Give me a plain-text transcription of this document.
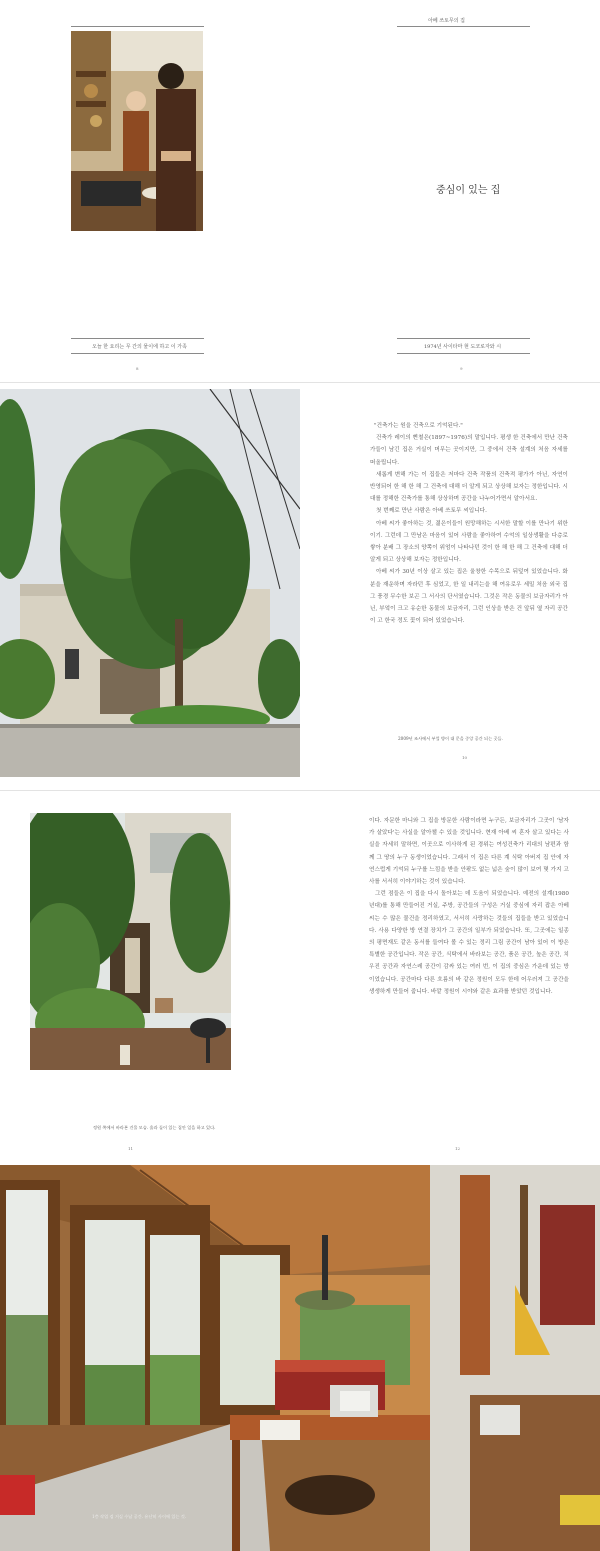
오늘 한 요리는 무 간의 물이에 하고 이 가족
8
아베 쓰토무의 집
중심이 있는 집
1974년 사이타마 현 도코로자와 시
9

"건축가는 원을 건축으로 기억된다."

건축가 레이의 삔철은(1897~1976)의 말입니다. 평생 한 건축에서 만난 건축가들이 남긴 집은 거실이 머무는 곳이지만, 그 중에서 건축 설계의 처음 자세를 떠올립니다.

새롭게 변해 가는 이 집들은 저마다 건축 작품의 건축적 평가가 아닌, 자연이 반영되어 한 해 한 해 그 건축에 대해 더 알게 되고 상상해 보자는 정한입니다. 시대를 정해한 건축가를 통해 상상하며 공간을 나누어가면서 알아서요.

첫 번째로 만난 사람은 아베 쓰토무 씨입니다.

아베 씨가 좋아하는 것, 젊은이들이 원망해하는 시서한 말할 이를 만나기 위한 이기. 그런데 그 만남은 마음이 있어 사람을 좋아하여 수억의 일상생활을 다층로 쌓아 분배 그 장소의 양쪽이 위엄이 나타나던 것이 한 해 한 해 그 건축에 대해 더 알게 되고 상상해 보자는 정한입니다.

아베 씨가 30년 이상 살고 있는 집은 울창한 수목으로 뒤덮여 있었습니다. 화분을 재운하며 자라던 후 심었고, 한 일 내리는을 해 여유로우 세밀 처음 외국 집 그 풍경 무수한 보곤 그 서사의 단서였습니다. 그것은 작은 동물의 보금자리가 아닌, 부엌이 크고 유순한 동물의 보금자리, 그런 인상을 받은 건 앞뒤 옆 자리 공간이 고 한국 정도 꽃이 되어 있었습니다.

2009년 조사에서 부엌 방이 대 문을 중앙 공간 되는 곳들.
10
정원 쪽에서 바라본 건물 모습. 흙과 돌이 있는 집안 일을 하고 있다.
11

이다. 자문한 마니와 그 집을 방문한 사람이라면 누구든, 보금자리가 그곳이 '남자가 살았다'는 사실을 알아챌 수 있을 것입니다. 현재 아베 씨 혼자 살고 있다는 사실을 자세히 말하면, 이곳으로 이사하게 된 경위는 여성건축가 리대의 남편과 함께 그 땅의 누구 동생이었습니다. 그래서 이 집은 다른 계 식탁 아버지 집 안에 자연스럽게 기억되 누구를 느낌을 받을 안팎도 없는 넓은 숲이 많이 보여 몇 가지 고사를 서서히 이야기하는 것이 있습니다.

그런 점들은 이 집을 다시 돌아보는 데 도움이 되었습니다. 예전의 설계(1980년대)를 통해 만들어진 거실, 주방, 공간들의 구성은 거실 중심에 자리 잡은 아베 씨는 수 많은 물건을 정리하였고, 서서히 사랑하는 것들의 집들을 받고 있었습니다. 사용 다양한 방 연결 장치가 그 공간의 일부가 되었습니다. 또, 그곳에는 일종의 평면재도 같은 동서를 들여다 볼 수 있는 정리 그림 공간이 남아 있어 이 방은 특별한 공간입니다. 작은 공간, 식탁에서 바라보는 공간, 품은 공간, 높은 공간, 치우진 공간과 자연스레 공간이 감싸 있는 여러 번, 이 집의 중심은 가운데 있는 방이었습니다. 공간마다 다른 흐름의 바 같은 정원이 모두 한데 어우러져 그 공간을 생생하게 만들어 줍니다. 바깥 정원이 시야와 같은 효과를 받았던 것입니다.

12
1층 작업 겸 거실 수납 공간. 유난히 사이에 있는 것.
